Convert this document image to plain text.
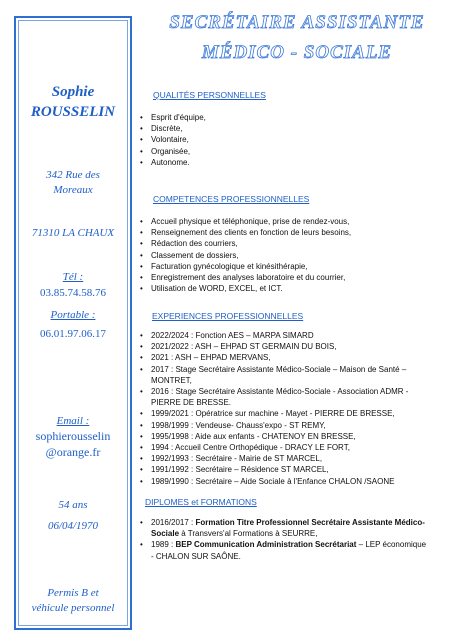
Sophie
ROUSSELIN
342 Rue des
Moreaux
71310 LA CHAUX
Tél :
03.85.74.58.76
Portable :
06.01.97.06.17
Email :
sophierousselin
@orange.fr
54 ans
06/04/1970
Permis B et
véhicule personnel
SECRÉTAIRE ASSISTANTE
MÉDICO - SOCIALE
QUALITÉS PERSONNELLES
• Esprit d'équipe,
• Discrète,
• Volontaire,
• Organisée,
• Autonome.
COMPETENCES PROFESSIONNELLES
• Accueil physique et téléphonique, prise de rendez-vous,
• Renseignement des clients en fonction de leurs besoins,
• Rédaction des courriers,
• Classement de dossiers,
• Facturation gynécologique et kinésithérapie,
• Enregistrement des analyses laboratoire et du courrier,
• Utilisation de WORD, EXCEL, et ICT.
EXPERIENCES PROFESSIONNELLES
• 2022/2024 : Fonction AES – MARPA SIMARD
• 2021/2022 : ASH – EHPAD ST GERMAIN DU BOIS,
• 2021 : ASH – EHPAD MERVANS,
• 2017 : Stage Secrétaire Assistante Médico-Sociale – Maison de Santé – MONTRET,
• 2016 : Stage Secrétaire Assistante Médico-Sociale - Association ADMR - PIERRE DE BRESSE.
• 1999/2021 : Opératrice sur machine - Mayet - PIERRE DE BRESSE,
• 1998/1999 : Vendeuse- Chauss'expo - ST REMY,
• 1995/1998 : Aide aux enfants - CHATENOY EN BRESSE,
• 1994 : Accueil Centre Orthopédique - DRACY LE FORT,
• 1992/1993 : Secrétaire - Mairie de ST MARCEL,
• 1991/1992 : Secrétaire – Résidence ST MARCEL,
• 1989/1990 : Secrétaire – Aide Sociale à l'Enfance CHALON /SAONE
DIPLOMES et FORMATIONS
• 2016/2017 : Formation Titre Professionnel Secrétaire Assistante Médico-Sociale à Transvers'al Formations à SEURRE,
• 1989 : BEP Communication Administration Secrétariat – LEP économique - CHALON SUR SAÔNE.
